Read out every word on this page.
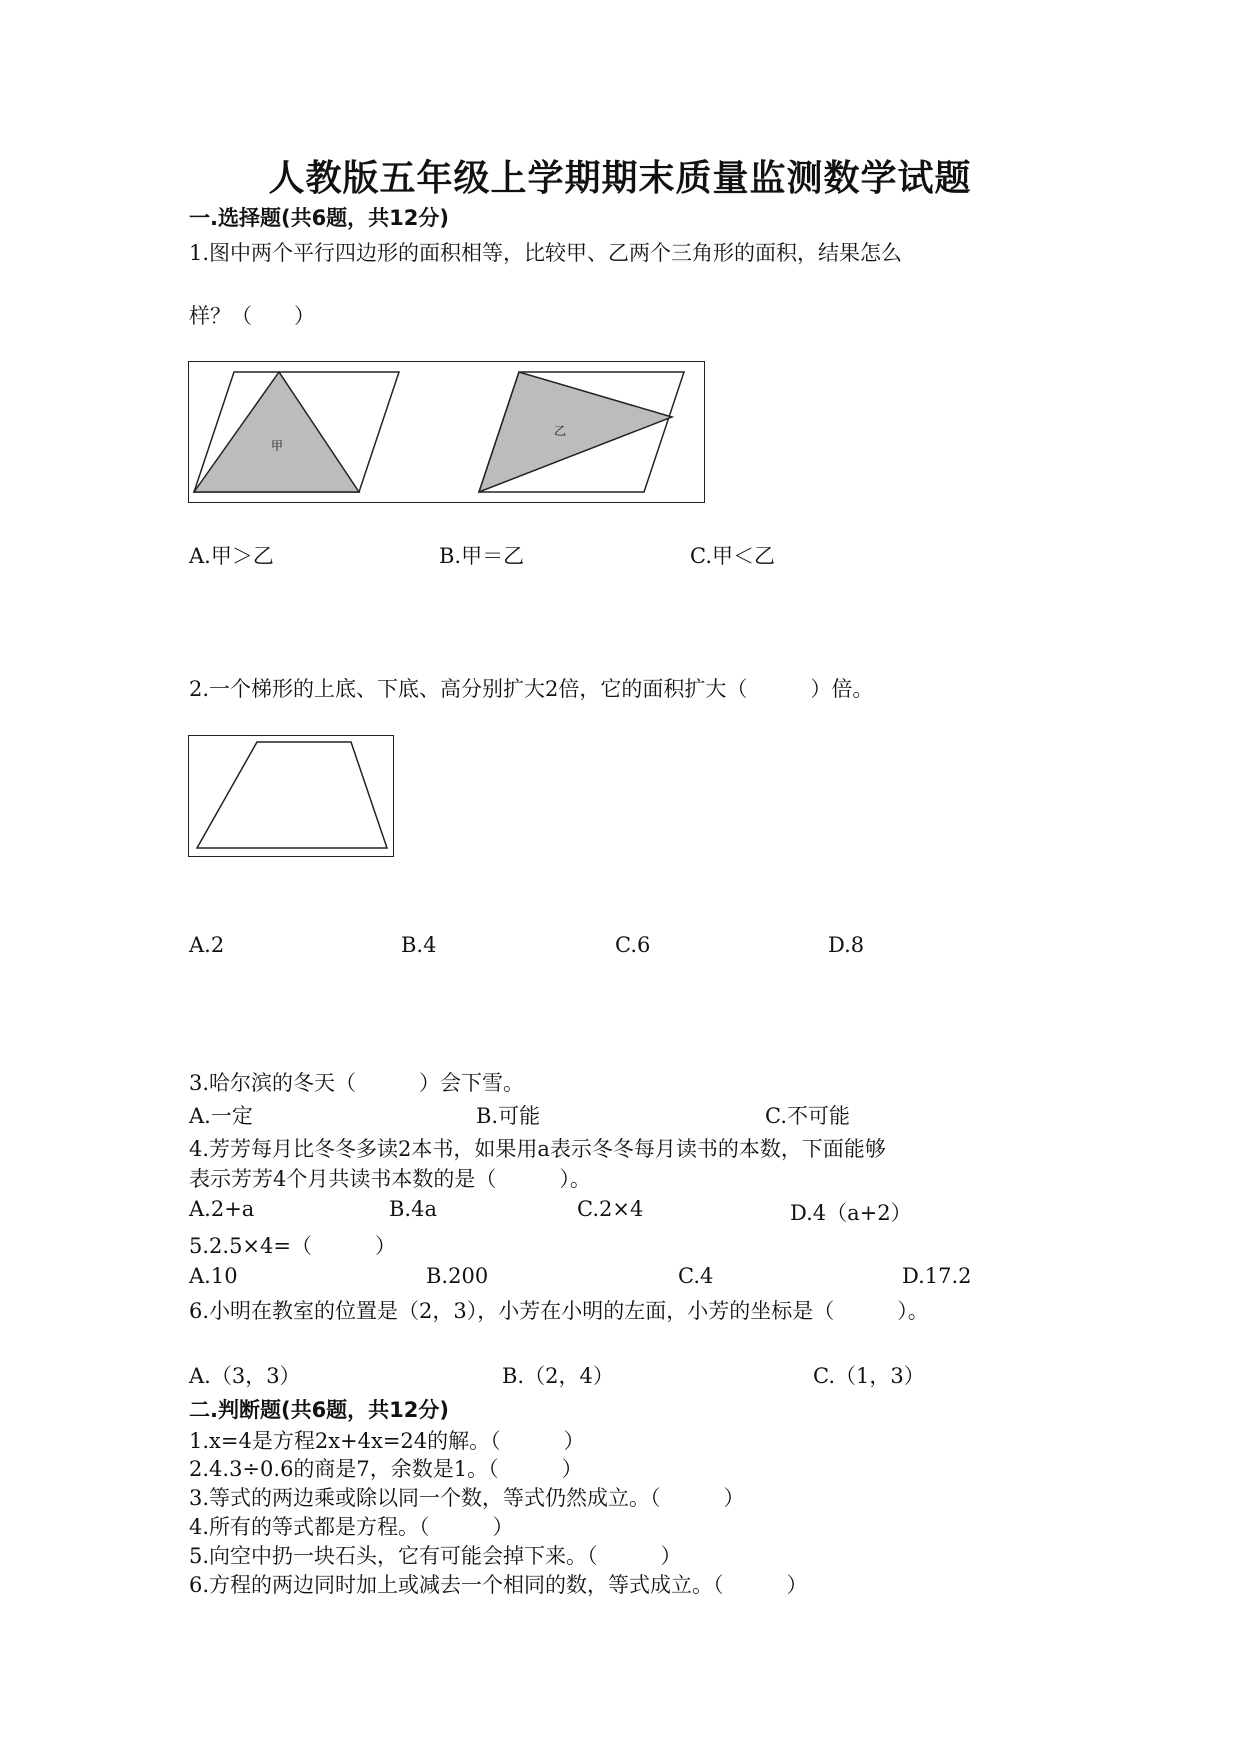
人教版五年级上学期期末质量监测数学试题
一.选择题(共6题，共12分)
1.图中两个平行四边形的面积相等，比较甲、乙两个三角形的面积，结果怎么
样？（　　）
甲
乙
A.甲＞乙	B.甲＝乙	C.甲＜乙
2.一个梯形的上底、下底、高分别扩大2倍，它的面积扩大（　　　）倍。
A.2	B.4	C.6	D.8
3.哈尔滨的冬天（　　　）会下雪。
A.一定	B.可能	C.不可能
4.芳芳每月比冬冬多读2本书，如果用a表示冬冬每月读书的本数，下面能够
表示芳芳4个月共读书本数的是（　　　）。
A.2+a	B.4a	C.2×4	D.4（a+2）
5.2.5×4=（　　　）
A.10	B.200	C.4	D.17.2
6.小明在教室的位置是（2，3），小芳在小明的左面，小芳的坐标是（　　　）。
A.（3，3）	B.（2，4）	C.（1，3）
二.判断题(共6题，共12分)
1.x=4是方程2x+4x=24的解。（　　　）
2.4.3÷0.6的商是7，余数是1。（　　　）
3.等式的两边乘或除以同一个数，等式仍然成立。（　　　）
4.所有的等式都是方程。（　　　）
5.向空中扔一块石头，它有可能会掉下来。（　　　）
6.方程的两边同时加上或减去一个相同的数，等式成立。（　　　）
